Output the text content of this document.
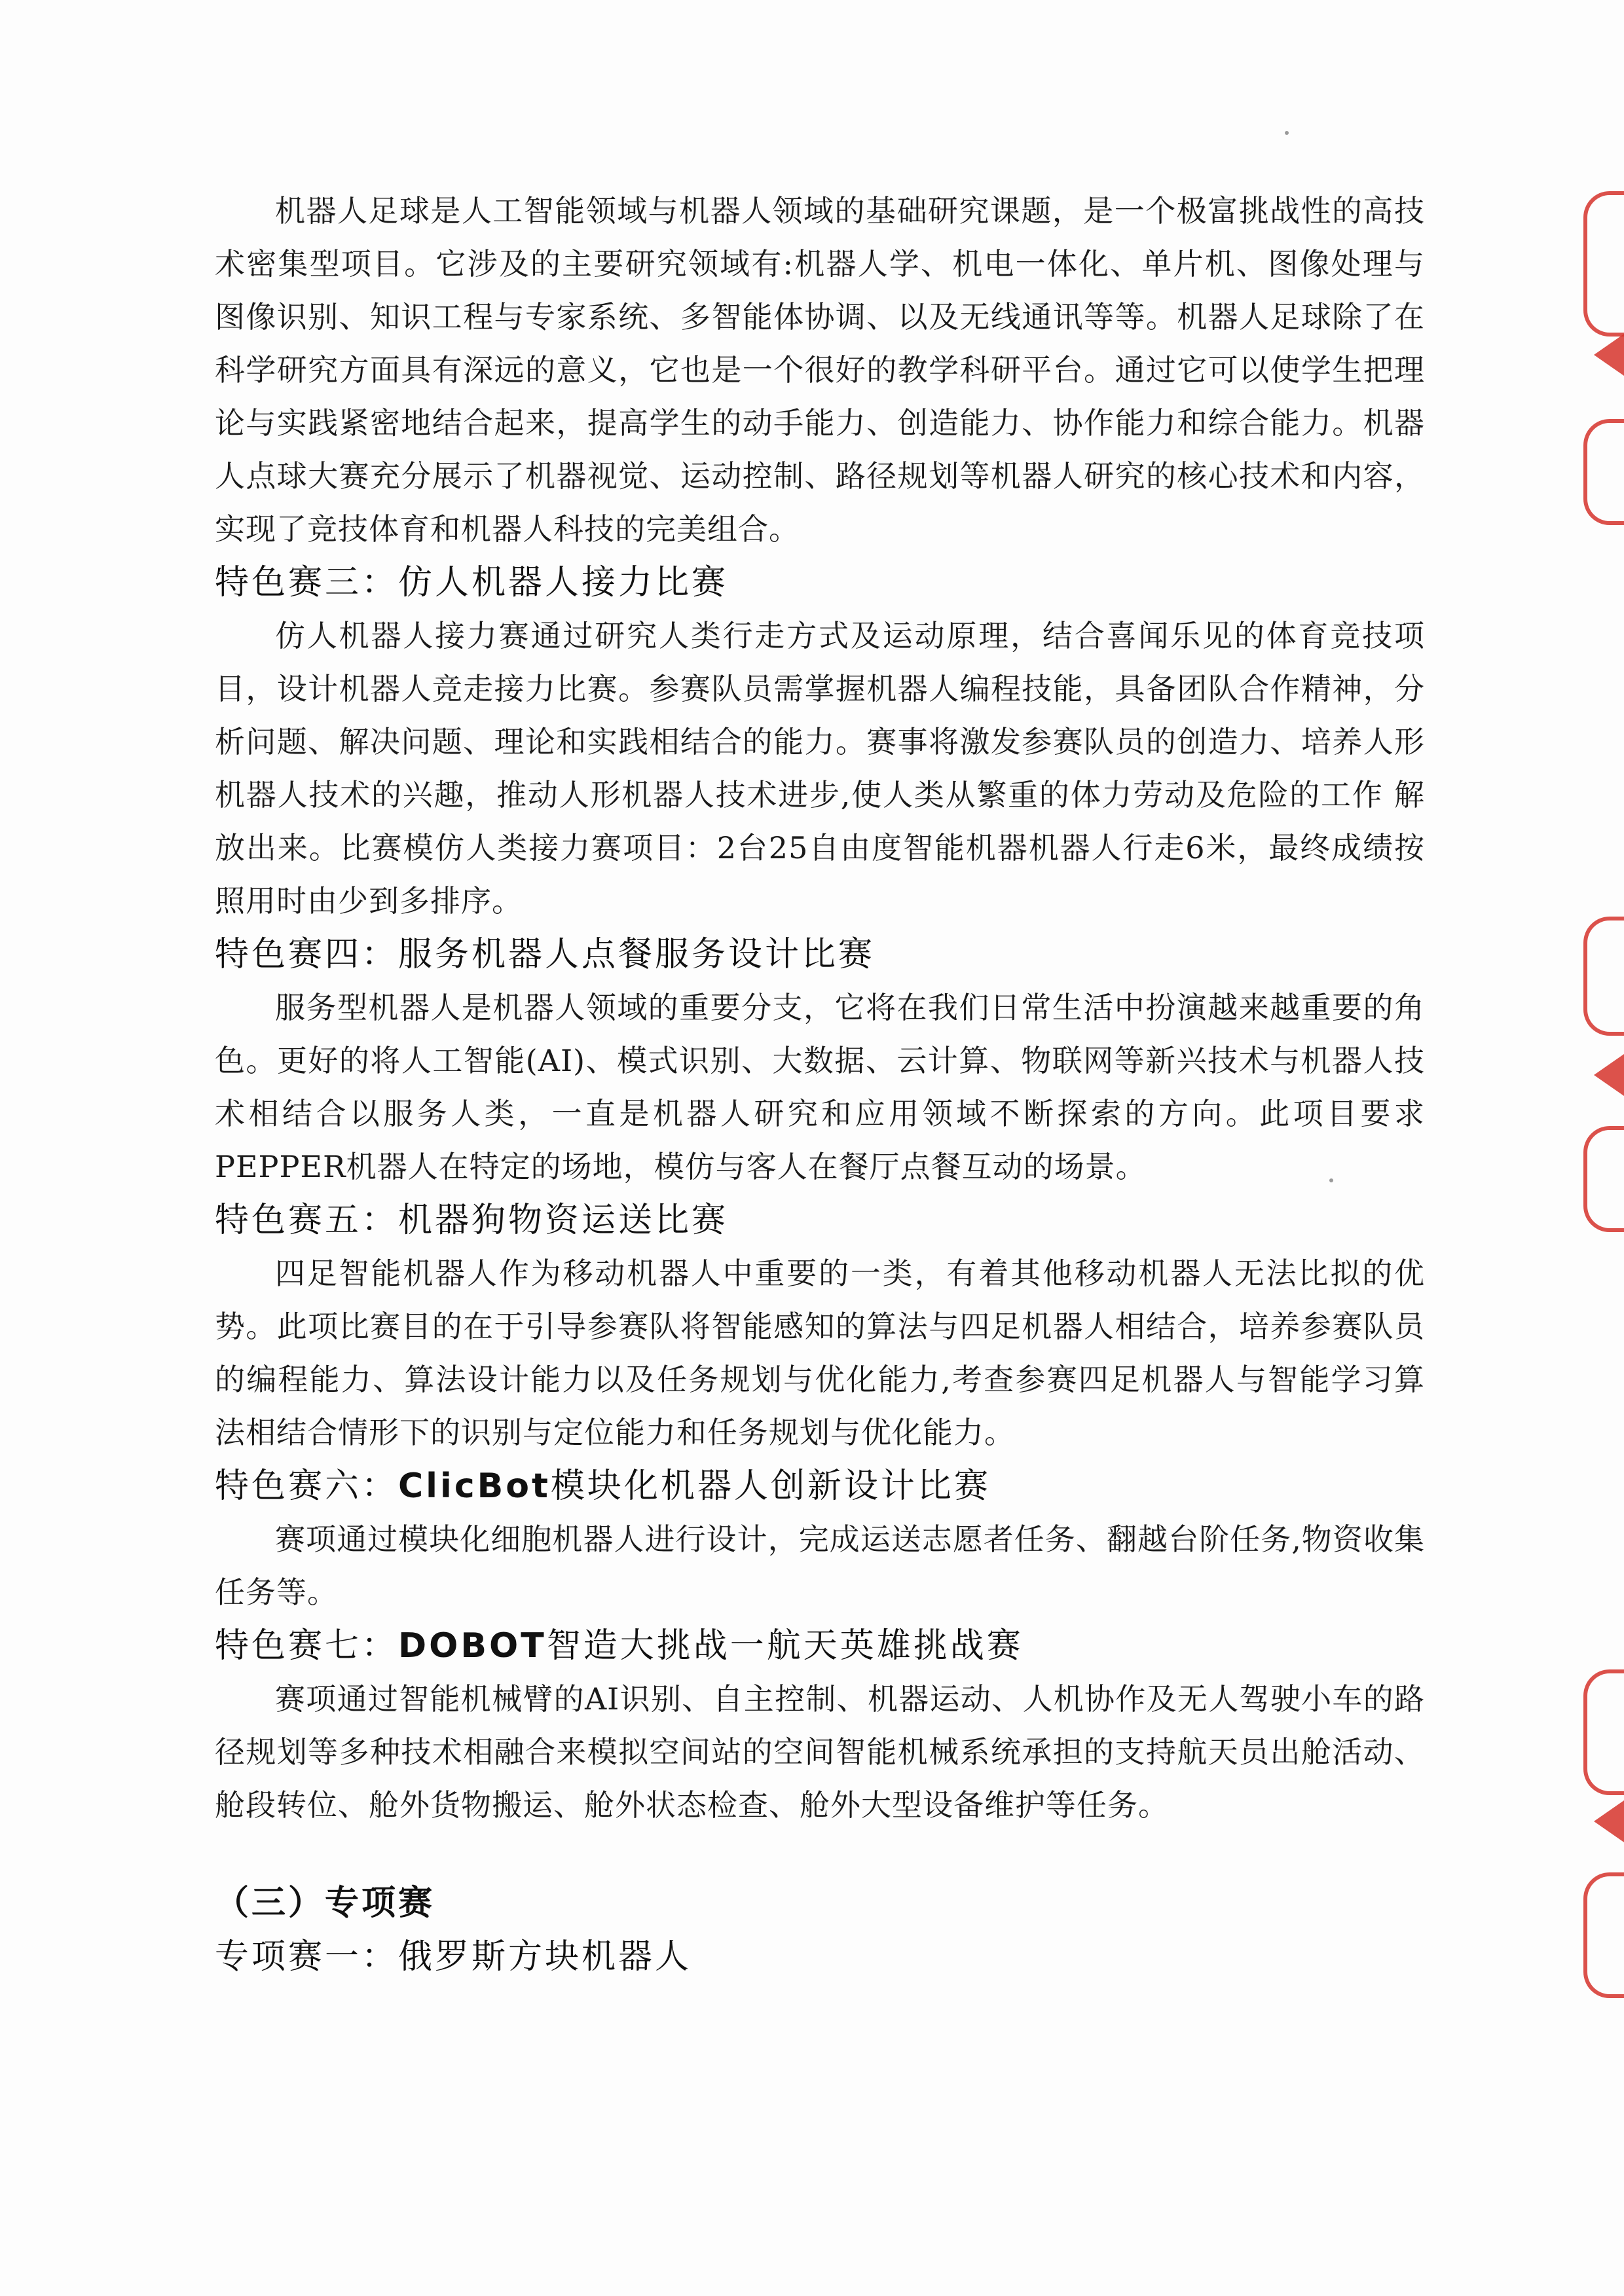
机器人足球是人工智能领域与机器人领域的基础研究课题，是一个极富挑战性的高技术密集型项目。它涉及的主要研究领域有:机器人学、机电一体化、单片机、图像处理与图像识别、知识工程与专家系统、多智能体协调、以及无线通讯等等。机器人足球除了在科学研究方面具有深远的意义，它也是一个很好的教学科研平台。通过它可以使学生把理论与实践紧密地结合起来，提高学生的动手能力、创造能力、协作能力和综合能力。机器人点球大赛充分展示了机器视觉、运动控制、路径规划等机器人研究的核心技术和内容，实现了竞技体育和机器人科技的完美组合。

特色赛三：仿人机器人接力比赛

仿人机器人接力赛通过研究人类行走方式及运动原理，结合喜闻乐见的体育竞技项目，设计机器人竞走接力比赛。参赛队员需掌握机器人编程技能，具备团队合作精神，分析问题、解决问题、理论和实践相结合的能力。赛事将激发参赛队员的创造力、培养人形机器人技术的兴趣，推动人形机器人技术进步,使人类从繁重的体力劳动及危险的工作 解放出来。比赛模仿人类接力赛项目：2台25自由度智能机器机器人行走6米，最终成绩按照用时由少到多排序。

特色赛四：服务机器人点餐服务设计比赛

服务型机器人是机器人领域的重要分支，它将在我们日常生活中扮演越来越重要的角色。更好的将人工智能(AI)、模式识别、大数据、云计算、物联网等新兴技术与机器人技术相结合以服务人类，一直是机器人研究和应用领域不断探索的方向。此项目要求PEPPER机器人在特定的场地，模仿与客人在餐厅点餐互动的场景。

特色赛五：机器狗物资运送比赛

四足智能机器人作为移动机器人中重要的一类，有着其他移动机器人无法比拟的优势。此项比赛目的在于引导参赛队将智能感知的算法与四足机器人相结合，培养参赛队员的编程能力、算法设计能力以及任务规划与优化能力,考查参赛四足机器人与智能学习算法相结合情形下的识别与定位能力和任务规划与优化能力。

特色赛六：ClicBot模块化机器人创新设计比赛

赛项通过模块化细胞机器人进行设计，完成运送志愿者任务、翻越台阶任务,物资收集任务等。

特色赛七：DOBOT智造大挑战一航天英雄挑战赛

赛项通过智能机械臂的AI识别、自主控制、机器运动、人机协作及无人驾驶小车的路径规划等多种技术相融合来模拟空间站的空间智能机械系统承担的支持航天员出舱活动、舱段转位、舱外货物搬运、舱外状态检查、舱外大型设备维护等任务。

（三）专项赛
专项赛一：俄罗斯方块机器人
